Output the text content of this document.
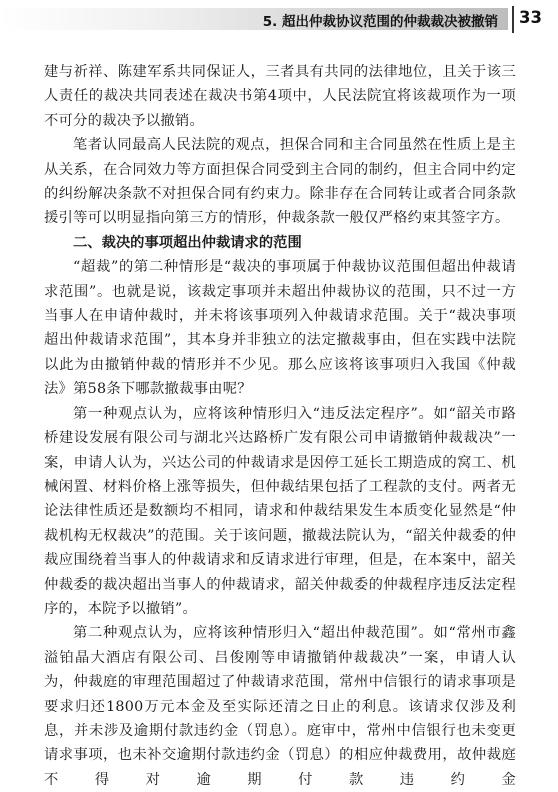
5. 超出仲裁协议范围的仲裁裁决被撤销 33

建与祈祥、陈建军系共同保证人，三者具有共同的法律地位，且关于该三人责任的裁决共同表述在裁决书第4项中，人民法院宜将该裁项作为一项不可分的裁决予以撤销。

笔者认同最高人民法院的观点，担保合同和主合同虽然在性质上是主从关系，在合同效力等方面担保合同受到主合同的制约，但主合同中约定的纠纷解决条款不对担保合同有约束力。除非存在合同转让或者合同条款援引等可以明显指向第三方的情形，仲裁条款一般仅严格约束其签字方。

二、裁决的事项超出仲裁请求的范围

“超裁”的第二种情形是“裁决的事项属于仲裁协议范围但超出仲裁请求范围”。也就是说，该裁定事项并未超出仲裁协议的范围，只不过一方当事人在申请仲裁时，并未将该事项列入仲裁请求范围。关于“裁决事项超出仲裁请求范围”，其本身并非独立的法定撤裁事由，但在实践中法院以此为由撤销仲裁的情形并不少见。那么应该将该事项归入我国《仲裁法》第58条下哪款撤裁事由呢？

第一种观点认为，应将该种情形归入“违反法定程序”。如“韶关市路桥建设发展有限公司与湖北兴达路桥广发有限公司申请撤销仲裁裁决”一案，申请人认为，兴达公司的仲裁请求是因停工延长工期造成的窝工、机械闲置、材料价格上涨等损失，但仲裁结果包括了工程款的支付。两者无论法律性质还是数额均不相同，请求和仲裁结果发生本质变化显然是“仲裁机构无权裁决”的范围。关于该问题，撤裁法院认为，“韶关仲裁委的仲裁应围绕着当事人的仲裁请求和反请求进行审理，但是，在本案中，韶关仲裁委的裁决超出当事人的仲裁请求，韶关仲裁委的仲裁程序违反法定程序的，本院予以撤销”。

第二种观点认为，应将该种情形归入“超出仲裁范围”。如“常州市鑫溢铂晶大酒店有限公司、吕俊刚等申请撤销仲裁裁决”一案，申请人认为，仲裁庭的审理范围超过了仲裁请求范围，常州中信银行的请求事项是要求归还1800万元本金及至实际还清之日止的利息。该请求仅涉及利息，并未涉及逾期付款违约金（罚息）。庭审中，常州中信银行也未变更请求事项，也未补交逾期付款违约金（罚息）的相应仲裁费用，故仲裁庭不得对逾期付款违约金
